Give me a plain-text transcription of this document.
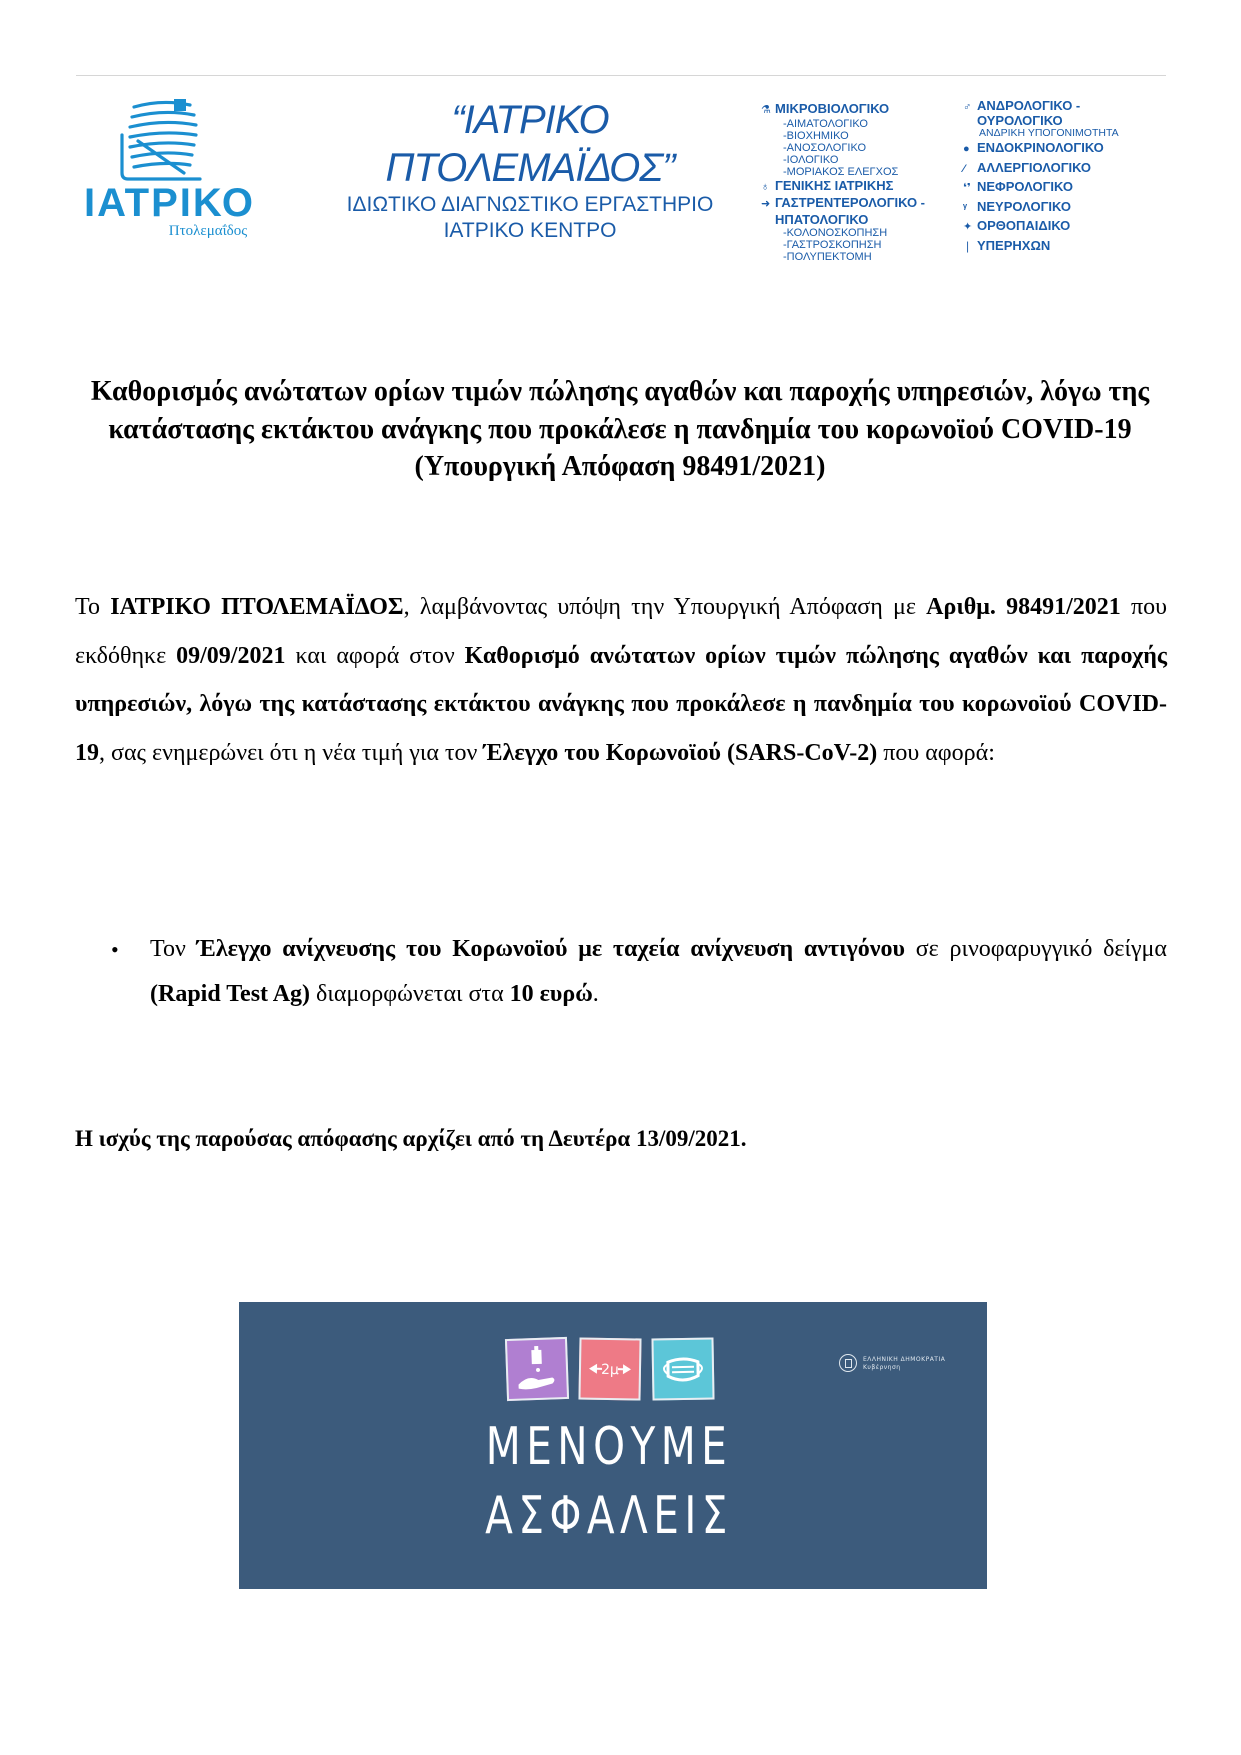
ΙΑΤΡΙΚΟ
Πτολεμαΐδος
“ΙΑΤΡΙΚΟ ΠΤΟΛΕΜΑΪΔΟΣ”
ΙΔΙΩΤΙΚΟ ΔΙΑΓΝΩΣΤΙΚΟ ΕΡΓΑΣΤΗΡΙΟ
ΙΑΤΡΙΚΟ ΚΕΝΤΡΟ
⚗ ΜΙΚΡΟΒΙΟΛΟΓΙΚΟ
-ΑΙΜΑΤΟΛΟΓΙΚΟ
-ΒΙΟΧΗΜΙΚΟ
-ΑΝΟΣΟΛΟΓΙΚΟ
-ΙΟΛΟΓΙΚΟ
-ΜΟΡΙΑΚΟΣ ΕΛΕΓΧΟΣ
♁ ΓΕΝΙΚΗΣ ΙΑΤΡΙΚΗΣ
➜ ΓΑΣΤΡΕΝΤΕΡΟΛΟΓΙΚΟ -
ΗΠΑΤΟΛΟΓΙΚΟ
-ΚΟΛΟΝΟΣΚΟΠΗΣΗ
-ΓΑΣΤΡΟΣΚΟΠΗΣΗ
-ΠΟΛΥΠΕΚΤΟΜΗ
♂ ΑΝΔΡΟΛΟΓΙΚΟ -
ΟΥΡΟΛΟΓΙΚΟ
ΑΝΔΡΙΚΗ ΥΠΟΓΟΝΙΜΟΤΗΤΑ
● ΕΝΔΟΚΡΙΝΟΛΟΓΙΚΟ
⁄ ΑΛΛΕΡΓΙΟΛΟΓΙΚΟ
❛❜ ΝΕΦΡΟΛΟΓΙΚΟ
ᵞ ΝΕΥΡΟΛΟΓΙΚΟ
✦ ΟΡΘΟΠΑΙΔΙΚΟ
❘ ΥΠΕΡΗΧΩΝ
Καθορισμός ανώτατων ορίων τιμών πώλησης αγαθών και παροχής υπηρεσιών, λόγω της κατάστασης εκτάκτου ανάγκης που προκάλεσε η πανδημία του κορωνοϊού COVID-19 (Υπουργική Απόφαση 98491/2021)
Το ΙΑΤΡΙΚΟ ΠΤΟΛΕΜΑΪΔΟΣ, λαμβάνοντας υπόψη την Υπουργική Απόφαση με Αριθμ. 98491/2021 που εκδόθηκε 09/09/2021 και αφορά στον Καθορισμό ανώτατων ορίων τιμών πώλησης αγαθών και παροχής υπηρεσιών, λόγω της κατάστασης εκτάκτου ανάγκης που προκάλεσε η πανδημία του κορωνοϊού COVID-19, σας ενημερώνει ότι η νέα τιμή για τον Έλεγχο του Κορωνοϊού (SARS-CoV-2) που αφορά:
• Τον Έλεγχο ανίχνευσης του Κορωνοϊού με ταχεία ανίχνευση αντιγόνου σε ρινοφαρυγγικό δείγμα (Rapid Test Ag) διαμορφώνεται στα 10 ευρώ.
Η ισχύς της παρούσας απόφασης αρχίζει από τη Δευτέρα 13/09/2021.
2μ
ΜΕΝΟΥΜΕ
ΑΣΦΑΛΕΙΣ
ΕΛΛΗΝΙΚΗ ΔΗΜΟΚΡΑΤΙΑ
Κυβέρνηση
